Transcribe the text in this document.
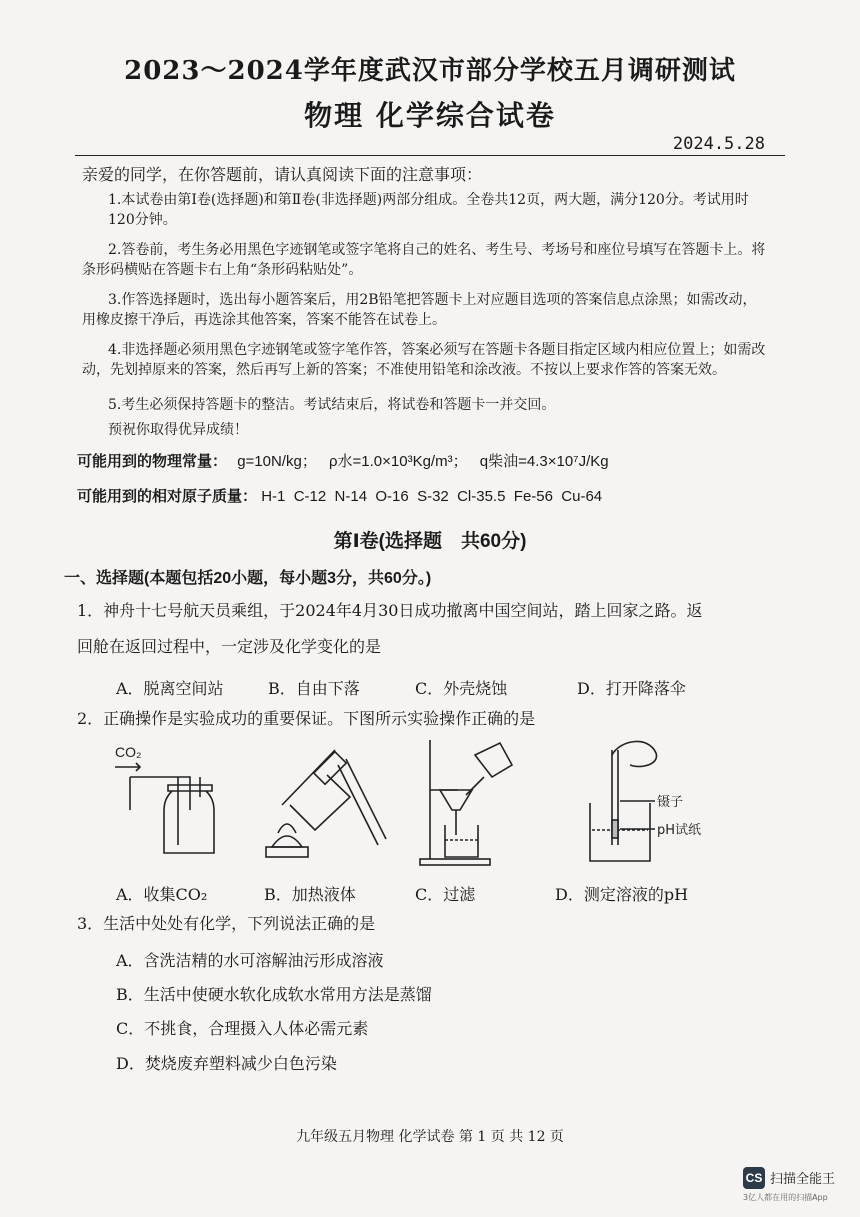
2023～2024学年度武汉市部分学校五月调研测试
物理 化学综合试卷
2024.5.28
亲爱的同学，在你答题前，请认真阅读下面的注意事项：
1.本试卷由第Ⅰ卷(选择题)和第Ⅱ卷(非选择题)两部分组成。全卷共12页，两大题，满分120分。考试用时120分钟。
2.答卷前，考生务必用黑色字迹钢笔或签字笔将自己的姓名、考生号、考场号和座位号填写在答题卡上。将条形码横贴在答题卡右上角“条形码粘贴处”。
3.作答选择题时，选出每小题答案后，用2B铅笔把答题卡上对应题目选项的答案信息点涂黑；如需改动，用橡皮擦干净后，再选涂其他答案，答案不能答在试卷上。
4.非选择题必须用黑色字迹钢笔或签字笔作答，答案必须写在答题卡各题目指定区域内相应位置上；如需改动，先划掉原来的答案，然后再写上新的答案；不准使用铅笔和涂改液。不按以上要求作答的答案无效。
5.考生必须保持答题卡的整洁。考试结束后，将试卷和答题卡一并交回。
预祝你取得优异成绩！
可能用到的物理常量： g=10N/kg； ρ水=1.0×10³Kg/m³； q柴油=4.3×10⁷J/Kg
可能用到的相对原子质量： H-1  C-12  N-14  O-16  S-32  Cl-35.5  Fe-56  Cu-64
第Ⅰ卷(选择题　共60分)
一、选择题(本题包括20小题，每小题3分，共60分。)
1．神舟十七号航天员乘组，于2024年4月30日成功撤离中国空间站，踏上回家之路。返
回舱在返回过程中，一定涉及化学变化的是
A．脱离空间站	B．自由下落	C．外壳烧蚀	D．打开降落伞
2．正确操作是实验成功的重要保证。下图所示实验操作正确的是
CO₂
镊子
pH试纸
A．收集CO₂	B．加热液体	C．过滤	D．测定溶液的pH
3．生活中处处有化学，下列说法正确的是
A．含洗洁精的水可溶解油污形成溶液
B．生活中使硬水软化成软水常用方法是蒸馏
C．不挑食，合理摄入人体必需元素
D．焚烧废弃塑料减少白色污染
九年级五月物理 化学试卷 第 1 页 共 12 页
CS 扫描全能王
3亿人都在用的扫描App
